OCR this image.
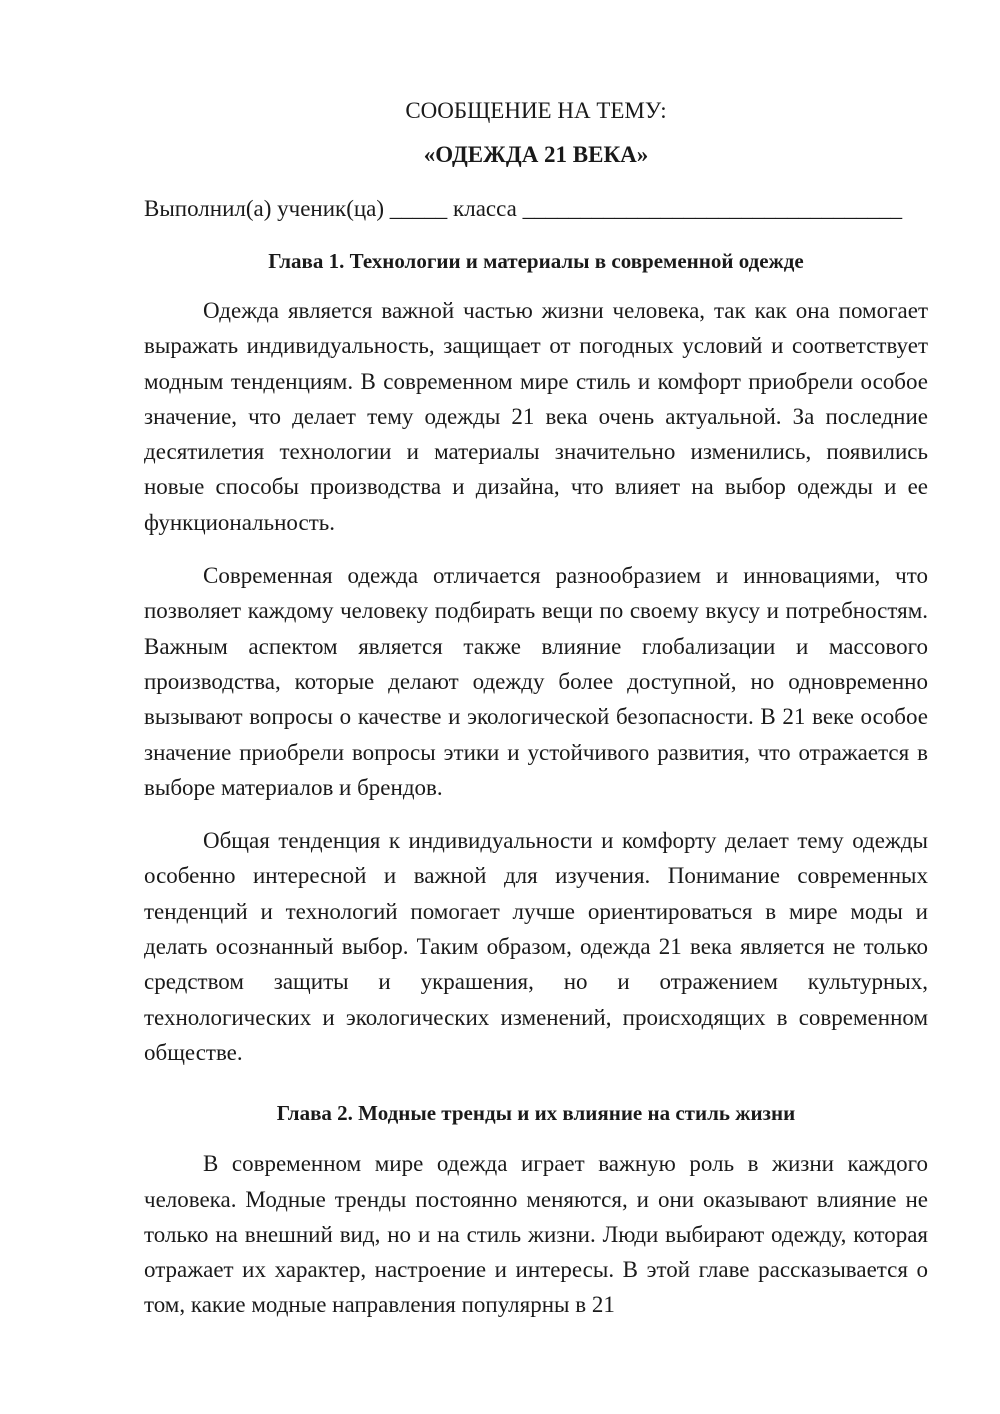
СООБЩЕНИЕ НА ТЕМУ:

«ОДЕЖДА 21 ВЕКА»

Выполнил(а) ученик(ца) _____ класса _________________________________

Глава 1. Технологии и материалы в современной одежде

Одежда является важной частью жизни человека, так как она помогает выражать индивидуальность, защищает от погодных условий и соответствует модным тенденциям. В современном мире стиль и комфорт приобрели особое значение, что делает тему одежды 21 века очень актуальной. За последние десятилетия технологии и материалы значительно изменились, появились новые способы производства и дизайна, что влияет на выбор одежды и ее функциональность.

Современная одежда отличается разнообразием и инновациями, что позволяет каждому человеку подбирать вещи по своему вкусу и потребностям. Важным аспектом является также влияние глобализации и массового производства, которые делают одежду более доступной, но одновременно вызывают вопросы о качестве и экологической безопасности. В 21 веке особое значение приобрели вопросы этики и устойчивого развития, что отражается в выборе материалов и брендов.

Общая тенденция к индивидуальности и комфорту делает тему одежды особенно интересной и важной для изучения. Понимание современных тенденций и технологий помогает лучше ориентироваться в мире моды и делать осознанный выбор. Таким образом, одежда 21 века является не только средством защиты и украшения, но и отражением культурных, технологических и экологических изменений, происходящих в современном обществе.

Глава 2. Модные тренды и их влияние на стиль жизни

В современном мире одежда играет важную роль в жизни каждого человека. Модные тренды постоянно меняются, и они оказывают влияние не только на внешний вид, но и на стиль жизни. Люди выбирают одежду, которая отражает их характер, настроение и интересы. В этой главе рассказывается о том, какие модные направления популярны в 21
